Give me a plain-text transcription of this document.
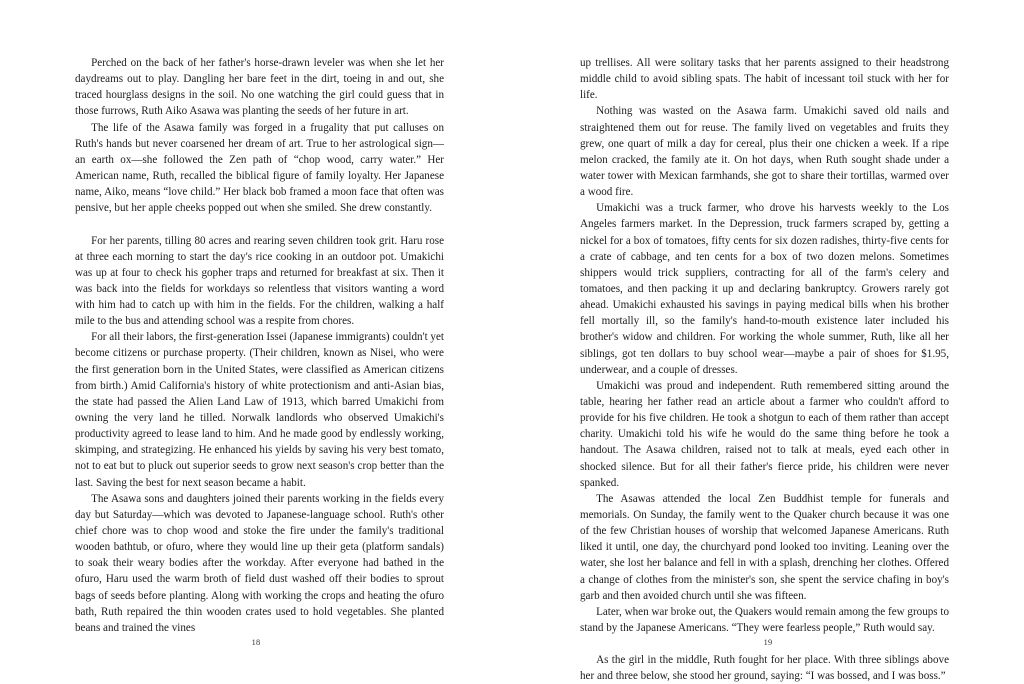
Perched on the back of her father's horse-drawn leveler was when she let her daydreams out to play. Dangling her bare feet in the dirt, toeing in and out, she traced hourglass designs in the soil. No one watching the girl could guess that in those furrows, Ruth Aiko Asawa was planting the seeds of her future in art.

The life of the Asawa family was forged in a frugality that put calluses on Ruth's hands but never coarsened her dream of art. True to her astrological sign—an earth ox—she followed the Zen path of “chop wood, carry water.” Her American name, Ruth, recalled the biblical figure of family loyalty. Her Japanese name, Aiko, means “love child.” Her black bob framed a moon face that often was pensive, but her apple cheeks popped out when she smiled. She drew constantly.

For her parents, tilling 80 acres and rearing seven children took grit. Haru rose at three each morning to start the day's rice cooking in an outdoor pot. Umakichi was up at four to check his gopher traps and returned for breakfast at six. Then it was back into the fields for workdays so relentless that visitors wanting a word with him had to catch up with him in the fields. For the children, walking a half mile to the bus and attending school was a respite from chores.

For all their labors, the first-generation Issei (Japanese immigrants) couldn't yet become citizens or purchase property. (Their children, known as Nisei, who were the first generation born in the United States, were classified as American citizens from birth.) Amid California's history of white protectionism and anti-Asian bias, the state had passed the Alien Land Law of 1913, which barred Umakichi from owning the very land he tilled. Norwalk landlords who observed Umakichi's productivity agreed to lease land to him. And he made good by endlessly working, skimping, and strategizing. He enhanced his yields by saving his very best tomato, not to eat but to pluck out superior seeds to grow next season's crop better than the last. Saving the best for next season became a habit.

The Asawa sons and daughters joined their parents working in the fields every day but Saturday—which was devoted to Japanese-language school. Ruth's other chief chore was to chop wood and stoke the fire under the family's traditional wooden bathtub, or ofuro, where they would line up their geta (platform sandals) to soak their weary bodies after the workday. After everyone had bathed in the ofuro, Haru used the warm broth of field dust washed off their bodies to sprout bags of seeds before planting. Along with working the crops and heating the ofuro bath, Ruth repaired the thin wooden crates used to hold vegetables. She planted beans and trained the vines

18

up trellises. All were solitary tasks that her parents assigned to their headstrong middle child to avoid sibling spats. The habit of incessant toil stuck with her for life.

Nothing was wasted on the Asawa farm. Umakichi saved old nails and straightened them out for reuse. The family lived on vegetables and fruits they grew, one quart of milk a day for cereal, plus their one chicken a week. If a ripe melon cracked, the family ate it. On hot days, when Ruth sought shade under a water tower with Mexican farmhands, she got to share their tortillas, warmed over a wood fire.

Umakichi was a truck farmer, who drove his harvests weekly to the Los Angeles farmers market. In the Depression, truck farmers scraped by, getting a nickel for a box of tomatoes, fifty cents for six dozen radishes, thirty-five cents for a crate of cabbage, and ten cents for a box of two dozen melons. Sometimes shippers would trick suppliers, contracting for all of the farm's celery and tomatoes, and then packing it up and declaring bankruptcy. Growers rarely got ahead. Umakichi exhausted his savings in paying medical bills when his brother fell mortally ill, so the family's hand-to-mouth existence later included his brother's widow and children. For working the whole summer, Ruth, like all her siblings, got ten dollars to buy school wear—maybe a pair of shoes for $1.95, underwear, and a couple of dresses.

Umakichi was proud and independent. Ruth remembered sitting around the table, hearing her father read an article about a farmer who couldn't afford to provide for his five children. He took a shotgun to each of them rather than accept charity. Umakichi told his wife he would do the same thing before he took a handout. The Asawa children, raised not to talk at meals, eyed each other in shocked silence. But for all their father's fierce pride, his children were never spanked.

The Asawas attended the local Zen Buddhist temple for funerals and memorials. On Sunday, the family went to the Quaker church because it was one of the few Christian houses of worship that welcomed Japanese Americans. Ruth liked it until, one day, the churchyard pond looked too inviting. Leaning over the water, she lost her balance and fell in with a splash, drenching her clothes. Offered a change of clothes from the minister's son, she spent the service chafing in boy's garb and then avoided church until she was fifteen.

Later, when war broke out, the Quakers would remain among the few groups to stand by the Japanese Americans. “They were fearless people,” Ruth would say.

As the girl in the middle, Ruth fought for her place. With three siblings above her and three below, she stood her ground, saying: “I was bossed, and I was boss.”

19
